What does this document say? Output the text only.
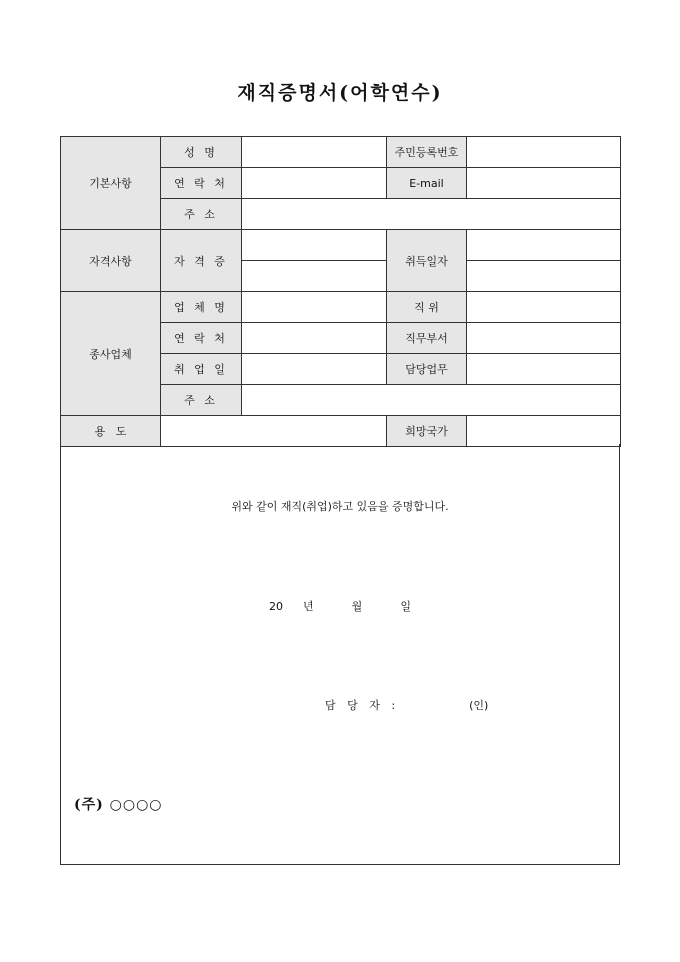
재직증명서(어학연수)
기본사항	성 명		주민등록번호	
	연 락 처		E-mail	
	주 소			
자격사항	자 격 증		취득일자	

종사업체	업 체 명		직 위	
	연 락 처		직무부서	
	취 업 일		담당업무	
	주 소			
용   도			희망국가	
위와 같이 재직(취업)하고 있음을 증명합니다.
20 년	월	일
담 당 자 :	(인)
(주) ○○○○
